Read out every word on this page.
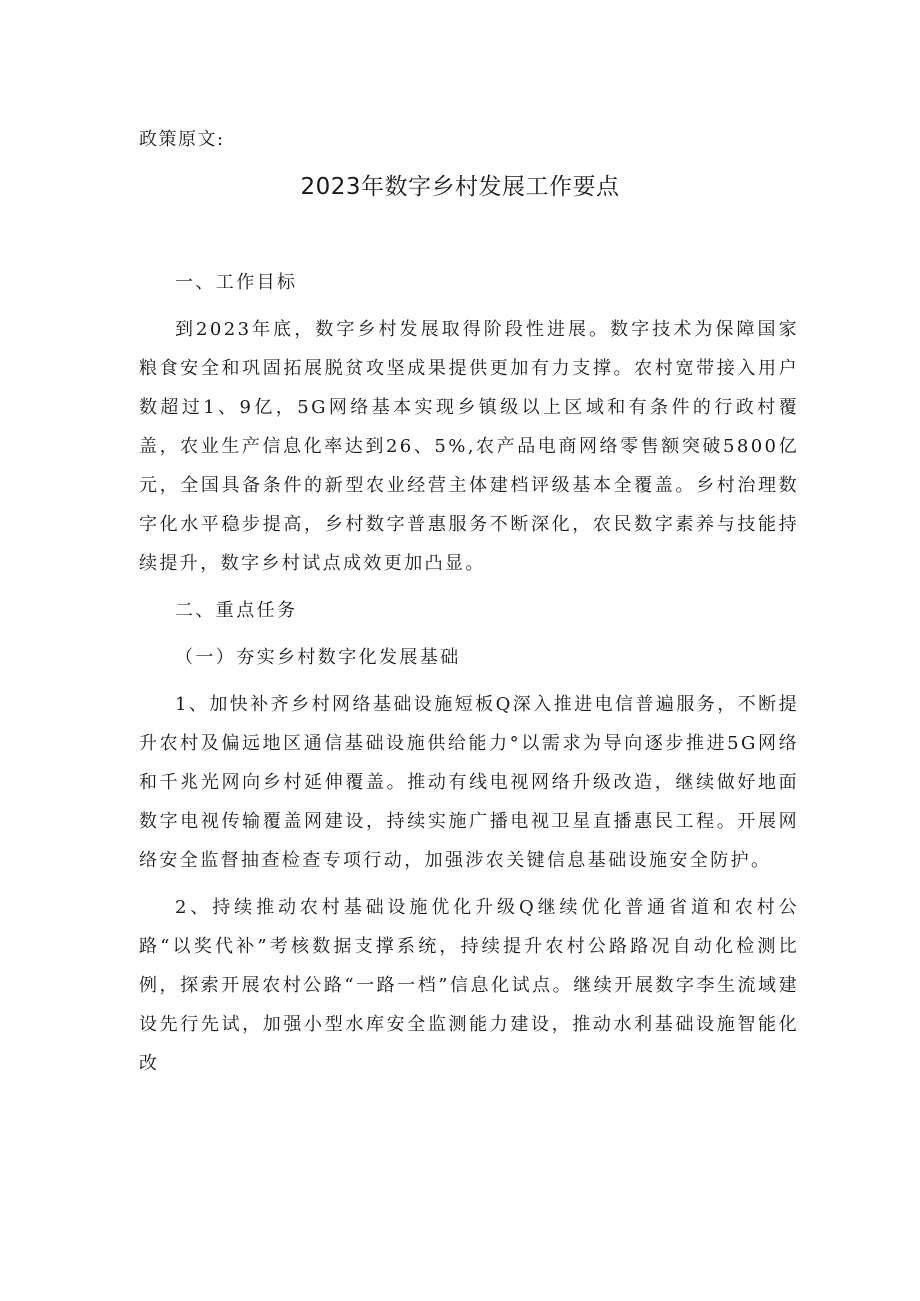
政策原文:
2023年数字乡村发展工作要点

一、工作目标

到2023年底，数字乡村发展取得阶段性进展。数字技术为保障国家粮食安全和巩固拓展脱贫攻坚成果提供更加有力支撑。农村宽带接入用户数超过1、9亿，5G网络基本实现乡镇级以上区域和有条件的行政村覆盖，农业生产信息化率达到26、5%,农产品电商网络零售额突破5800亿元，全国具备条件的新型农业经营主体建档评级基本全覆盖。乡村治理数字化水平稳步提高，乡村数字普惠服务不断深化，农民数字素养与技能持续提升，数字乡村试点成效更加凸显。

二、重点任务

（一）夯实乡村数字化发展基础

1、加快补齐乡村网络基础设施短板Q深入推进电信普遍服务，不断提升农村及偏远地区通信基础设施供给能力°以需求为导向逐步推进5G网络和千兆光网向乡村延伸覆盖。推动有线电视网络升级改造，继续做好地面数字电视传输覆盖网建设，持续实施广播电视卫星直播惠民工程。开展网络安全监督抽查检查专项行动，加强涉农关键信息基础设施安全防护。

2、持续推动农村基础设施优化升级Q继续优化普通省道和农村公路“以奖代补”考核数据支撑系统，持续提升农村公路路况自动化检测比例，探索开展农村公路“一路一档”信息化试点。继续开展数字李生流域建设先行先试，加强小型水库安全监测能力建设，推动水利基础设施智能化改
